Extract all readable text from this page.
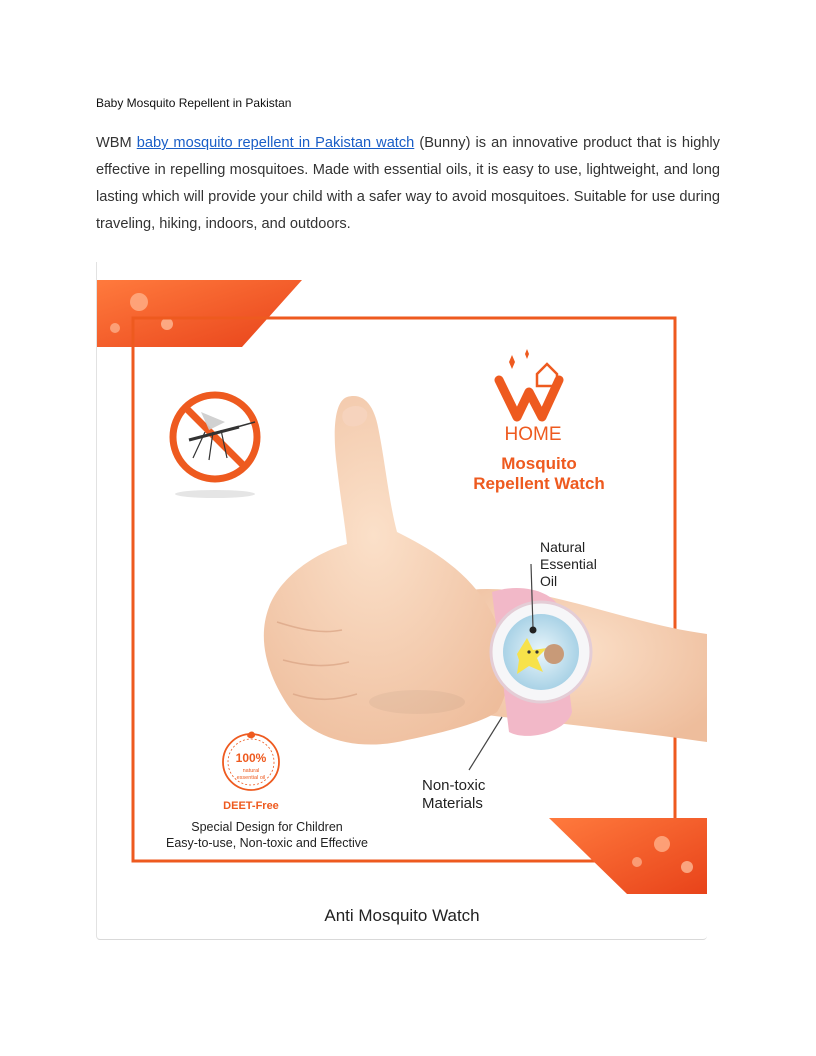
Baby Mosquito Repellent in Pakistan
WBM baby mosquito repellent in Pakistan watch (Bunny) is an innovative product that is highly effective in repelling mosquitoes. Made with essential oils, it is easy to use, lightweight, and long lasting which will provide your child with a safer way to avoid mosquitoes. Suitable for use during traveling, hiking, indoors, and outdoors.
HOME
Mosquito
Repellent Watch
Natural Essential Oil
Non-toxic Materials
100%
natural
essential oil
DEET-Free
Special Design for Children
Easy-to-use, Non-toxic and Effective
Anti Mosquito Watch
